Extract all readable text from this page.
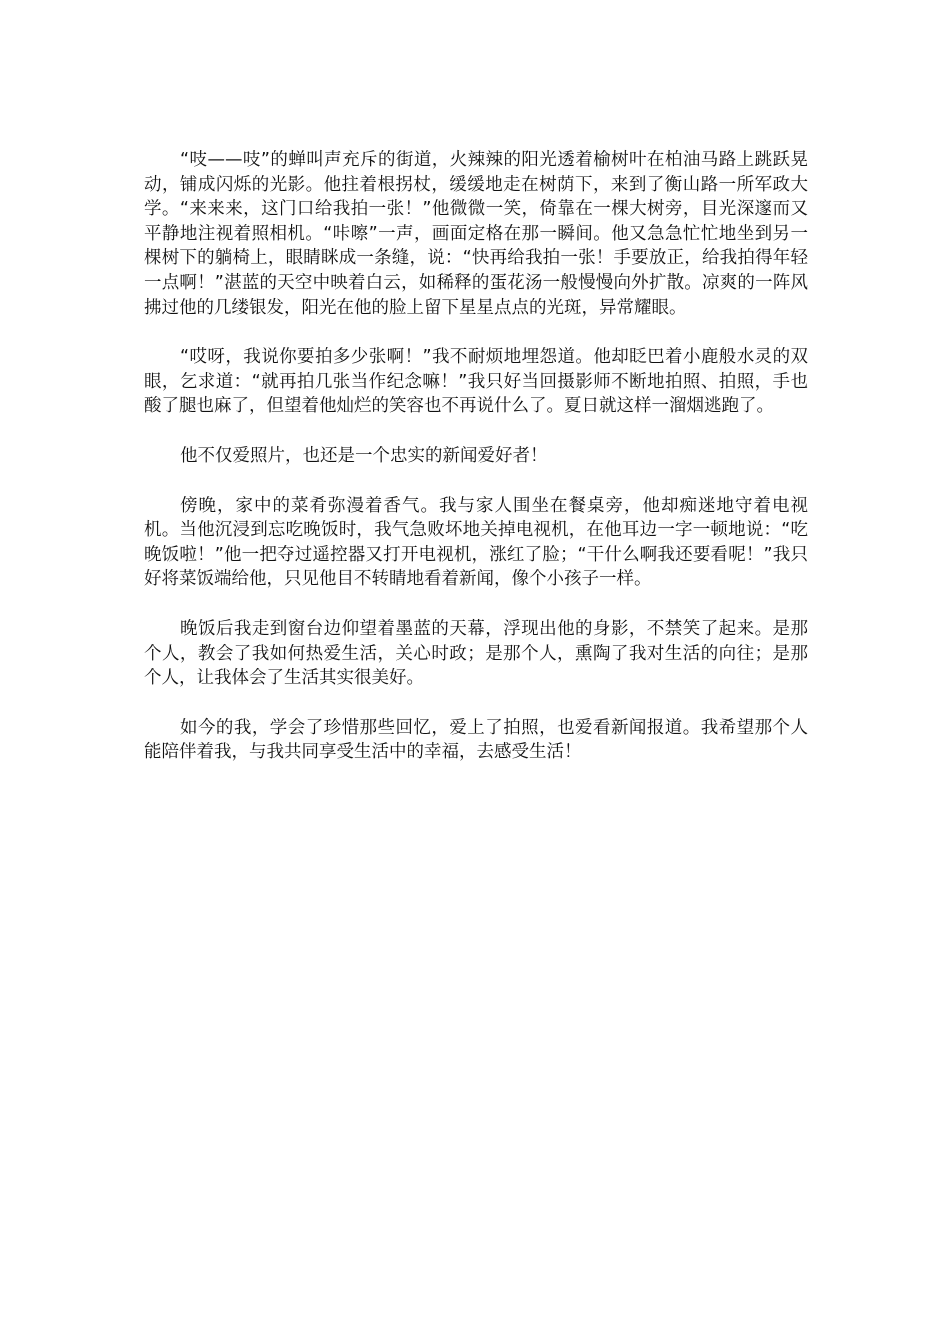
“吱——吱”的蝉叫声充斥的街道，火辣辣的阳光透着榆树叶在柏油马路上跳跃晃动，铺成闪烁的光影。他拄着根拐杖，缓缓地走在树荫下，来到了衡山路一所军政大学。“来来来，这门口给我拍一张！”他微微一笑，倚靠在一棵大树旁，目光深邃而又平静地注视着照相机。“咔嚓”一声，画面定格在那一瞬间。他又急急忙忙地坐到另一棵树下的躺椅上，眼睛眯成一条缝，说：“快再给我拍一张！手要放正，给我拍得年轻一点啊！”湛蓝的天空中映着白云，如稀释的蛋花汤一般慢慢向外扩散。凉爽的一阵风拂过他的几缕银发，阳光在他的脸上留下星星点点的光斑，异常耀眼。

“哎呀，我说你要拍多少张啊！”我不耐烦地埋怨道。他却眨巴着小鹿般水灵的双眼，乞求道：“就再拍几张当作纪念嘛！”我只好当回摄影师不断地拍照、拍照，手也酸了腿也麻了，但望着他灿烂的笑容也不再说什么了。夏日就这样一溜烟逃跑了。

他不仅爱照片，也还是一个忠实的新闻爱好者！

傍晚，家中的菜肴弥漫着香气。我与家人围坐在餐桌旁，他却痴迷地守着电视机。当他沉浸到忘吃晚饭时，我气急败坏地关掉电视机，在他耳边一字一顿地说：“吃晚饭啦！”他一把夺过遥控器又打开电视机，涨红了脸；“干什么啊我还要看呢！”我只好将菜饭端给他，只见他目不转睛地看着新闻，像个小孩子一样。

晚饭后我走到窗台边仰望着墨蓝的天幕，浮现出他的身影，不禁笑了起来。是那个人，教会了我如何热爱生活，关心时政；是那个人，熏陶了我对生活的向往；是那个人，让我体会了生活其实很美好。

如今的我，学会了珍惜那些回忆，爱上了拍照，也爱看新闻报道。我希望那个人能陪伴着我，与我共同享受生活中的幸福，去感受生活！
